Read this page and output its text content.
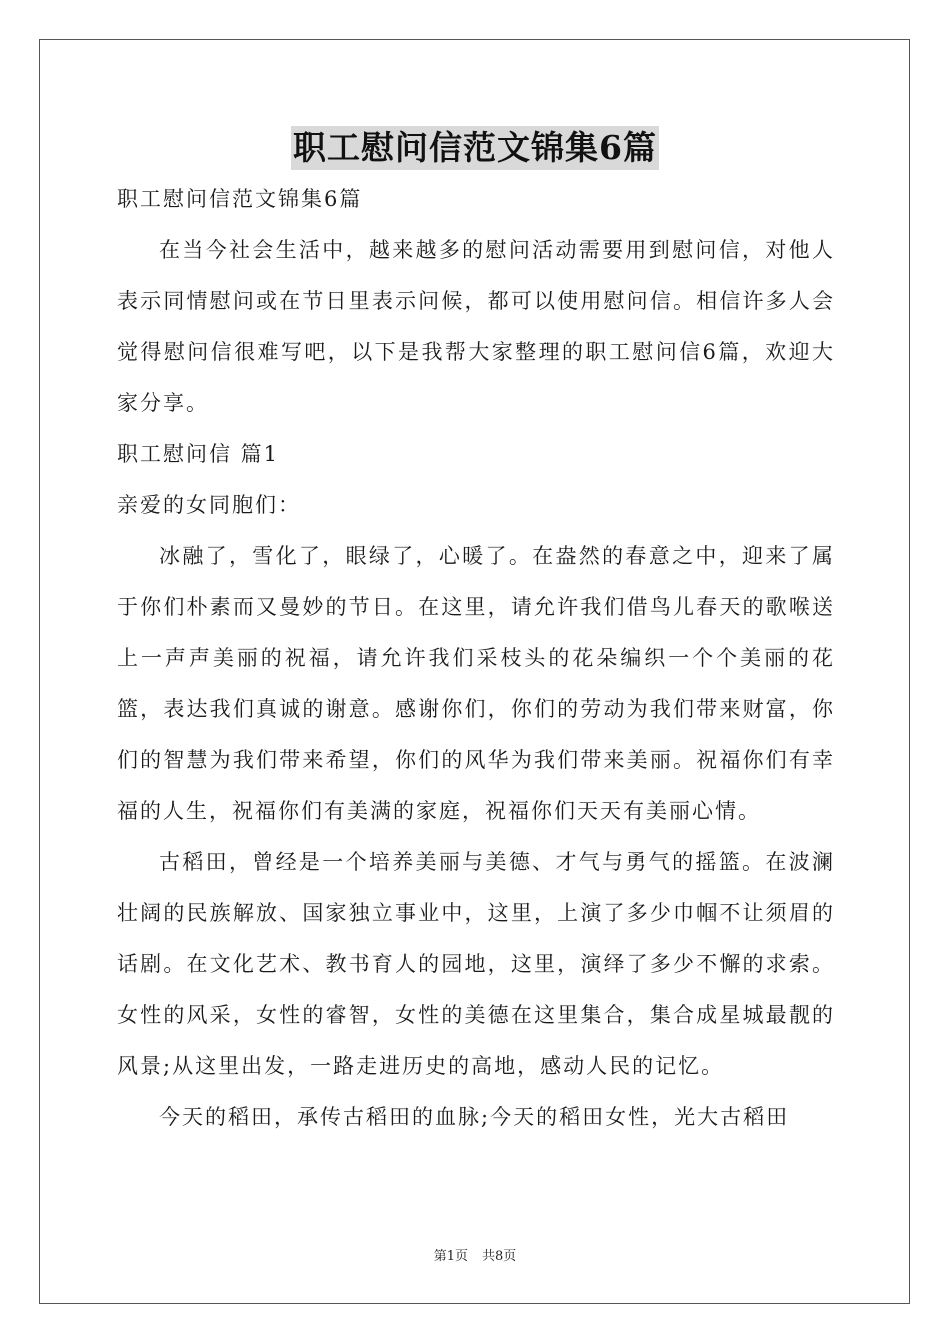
职工慰问信范文锦集6篇

职工慰问信范文锦集6篇

在当今社会生活中，越来越多的慰问活动需要用到慰问信，对他人表示同情慰问或在节日里表示问候，都可以使用慰问信。相信许多人会觉得慰问信很难写吧，以下是我帮大家整理的职工慰问信6篇，欢迎大家分享。

职工慰问信 篇1

亲爱的女同胞们：

冰融了，雪化了，眼绿了，心暖了。在盎然的春意之中，迎来了属于你们朴素而又曼妙的节日。在这里，请允许我们借鸟儿春天的歌喉送上一声声美丽的祝福，请允许我们采枝头的花朵编织一个个美丽的花篮，表达我们真诚的谢意。感谢你们，你们的劳动为我们带来财富，你们的智慧为我们带来希望，你们的风华为我们带来美丽。祝福你们有幸福的人生，祝福你们有美满的家庭，祝福你们天天有美丽心情。

古稻田，曾经是一个培养美丽与美德、才气与勇气的摇篮。在波澜壮阔的民族解放、国家独立事业中，这里，上演了多少巾帼不让须眉的话剧。在文化艺术、教书育人的园地，这里，演绎了多少不懈的求索。女性的风采，女性的睿智，女性的美德在这里集合，集合成星城最靓的风景;从这里出发，一路走进历史的高地，感动人民的记忆。

今天的稻田，承传古稻田的血脉;今天的稻田女性，光大古稻田

第1页 共8页
